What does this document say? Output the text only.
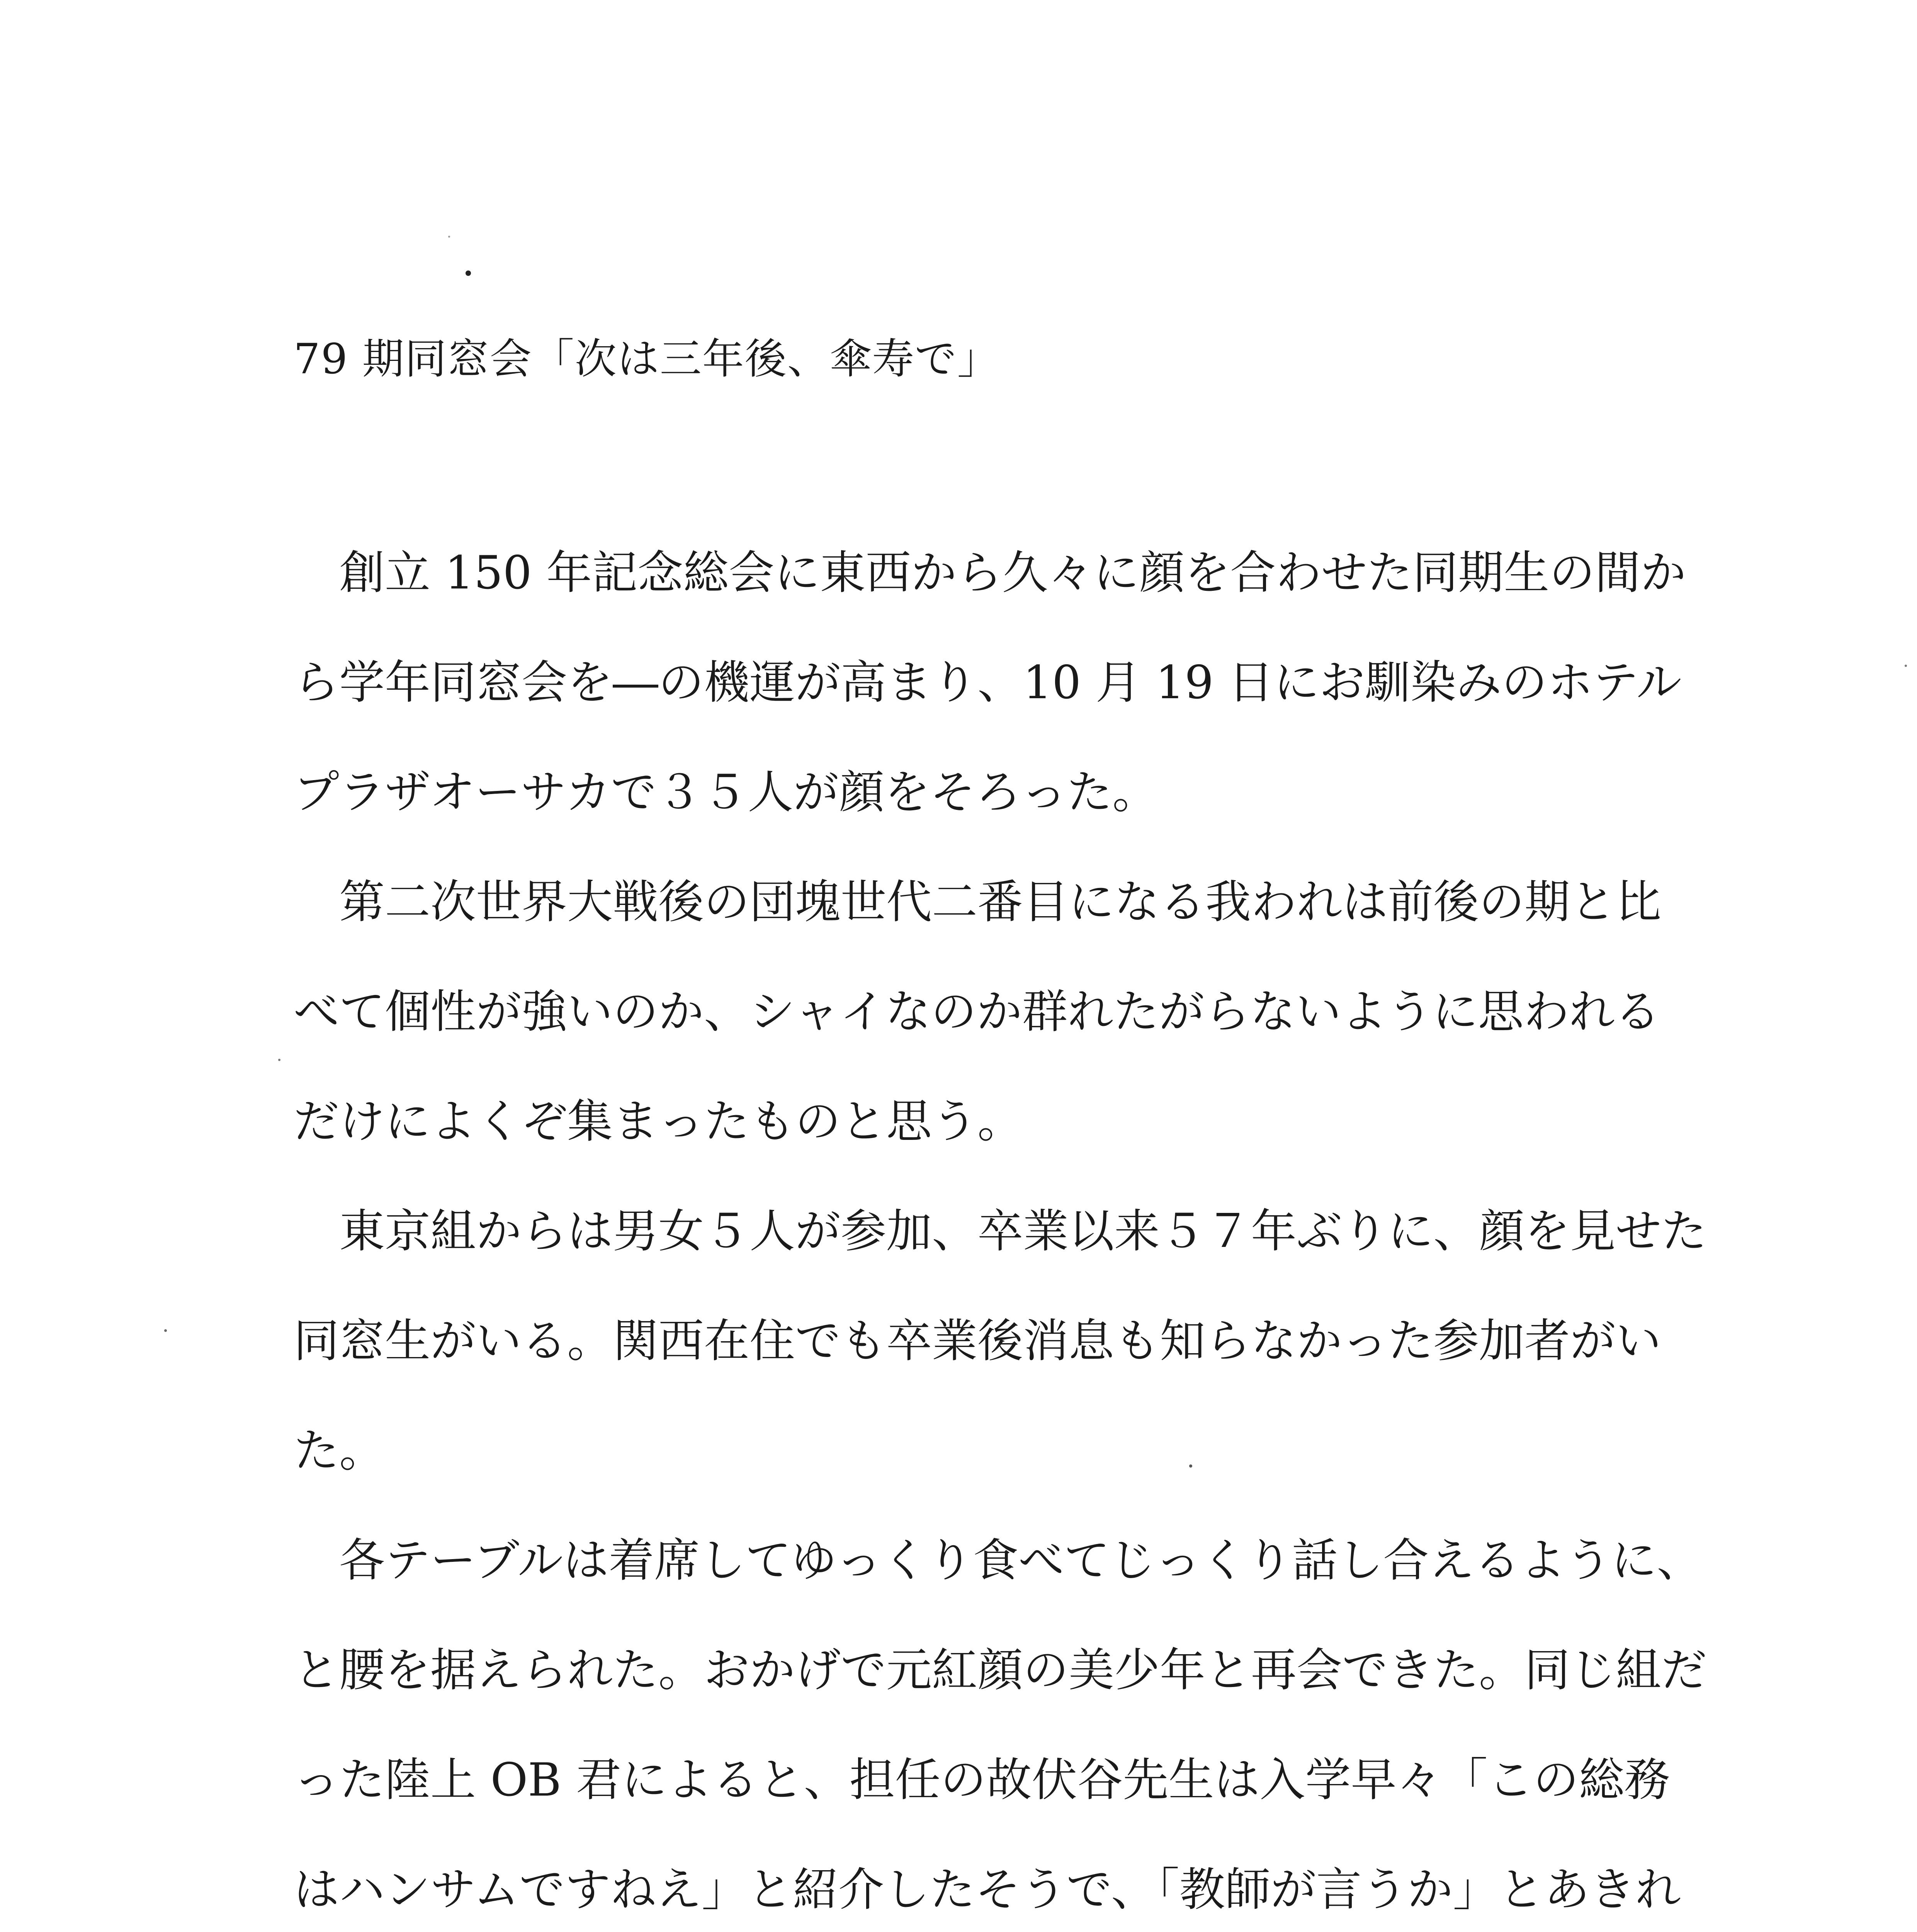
79 期同窓会「次は三年後、傘寿で」
創立 150 年記念総会に東西から久々に顔を合わせた同期生の間か
ら学年同窓会を―の機運が高まり、10 月 19 日にお馴染みのホテル
プラザオーサカで３５人が顔をそろった。
第二次世界大戦後の団塊世代二番目になる我われは前後の期と比
べて個性が強いのか、シャイなのか群れたがらないように思われる
だけによくぞ集まったものと思う。
東京組からは男女５人が参加、卒業以来５７年ぶりに、顔を見せた
同窓生がいる。関西在住でも卒業後消息も知らなかった参加者がい
た。
各テーブルは着席してゆっくり食べてじっくり話し合えるように、
と腰を据えられた。おかげで元紅顔の美少年と再会できた。同じ組だ
った陸上 OB 君によると、担任の故伏谷先生は入学早々「この総務
はハンサムですねえ」と紹介したそうで、「教師が言うか」とあきれ
